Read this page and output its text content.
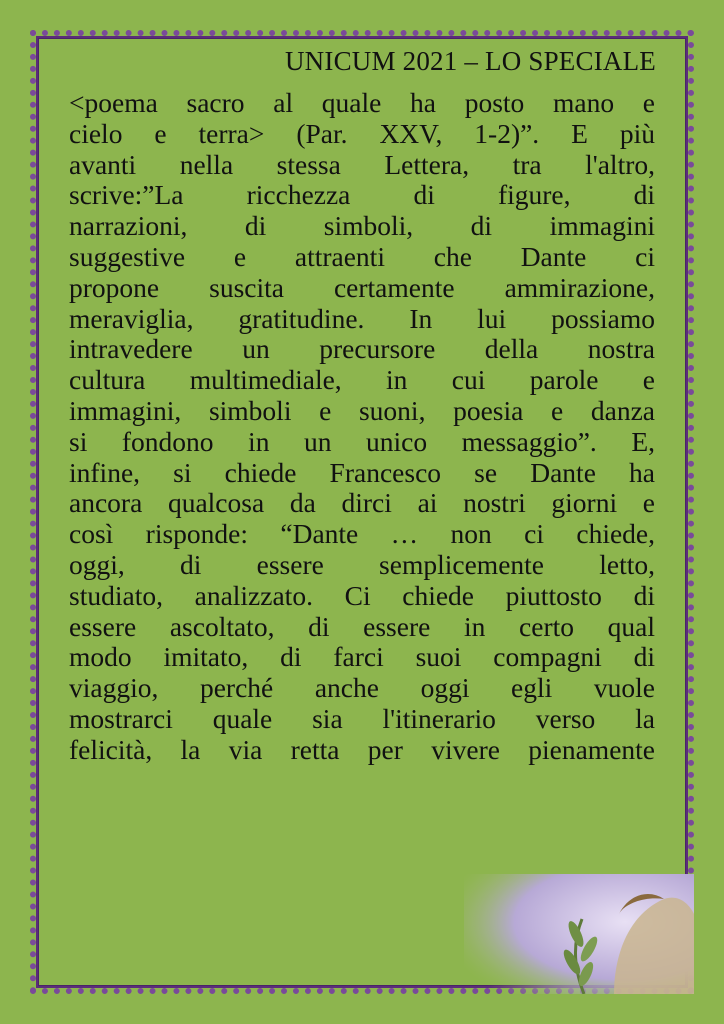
UNICUM 2021 – LO SPECIALE

<poema sacro al quale ha posto mano e
cielo e terra> (Par. XXV, 1-2)”. E più
avanti nella stessa Lettera, tra l'altro,
scrive:”La ricchezza di figure, di
narrazioni, di simboli, di immagini
suggestive e attraenti che Dante ci
propone suscita certamente ammirazione,
meraviglia, gratitudine. In lui possiamo
intravedere un precursore della nostra
cultura multimediale, in cui parole e
immagini, simboli e suoni, poesia e danza
si fondono in un unico messaggio”. E,
infine, si chiede Francesco se Dante ha
ancora qualcosa da dirci ai nostri giorni e
così risponde: “Dante … non ci chiede,
oggi, di essere semplicemente letto,
studiato, analizzato. Ci chiede piuttosto di
essere ascoltato, di essere in certo qual
modo imitato, di farci suoi compagni di
viaggio, perché anche oggi egli vuole
mostrarci quale sia l'itinerario verso la
felicità, la via retta per vivere pienamente
